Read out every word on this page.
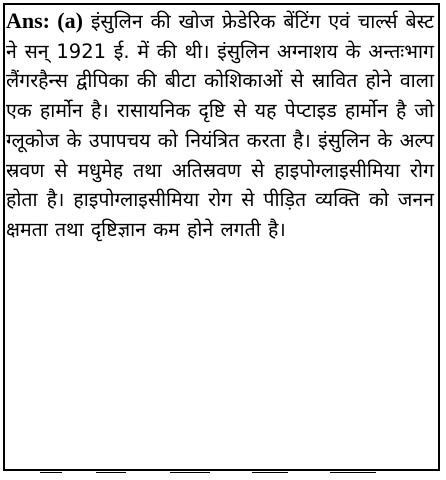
Ans: (a) इंसुलिन की खोज फ्रेडेरिक बेंटिंग एवं चार्ल्स बेस्ट ने सन् 1921 ई. में की थी। इंसुलिन अग्नाशय के अन्तःभाग लैंगरहैन्स द्वीपिका की बीटा कोशिकाओं से स्रावित होने वाला एक हार्मोन है। रासायनिक दृष्टि से यह पेप्टाइड हार्मोन है जो ग्लूकोज के उपापचय को नियंत्रित करता है। इंसुलिन के अल्प स्रवण से मधुमेह तथा अतिस्रवण से हाइपोग्लाइसीमिया रोग होता है। हाइपोग्लाइसीमिया रोग से पीड़ित व्यक्ति को जनन क्षमता तथा दृष्टिज्ञान कम होने लगती है।
